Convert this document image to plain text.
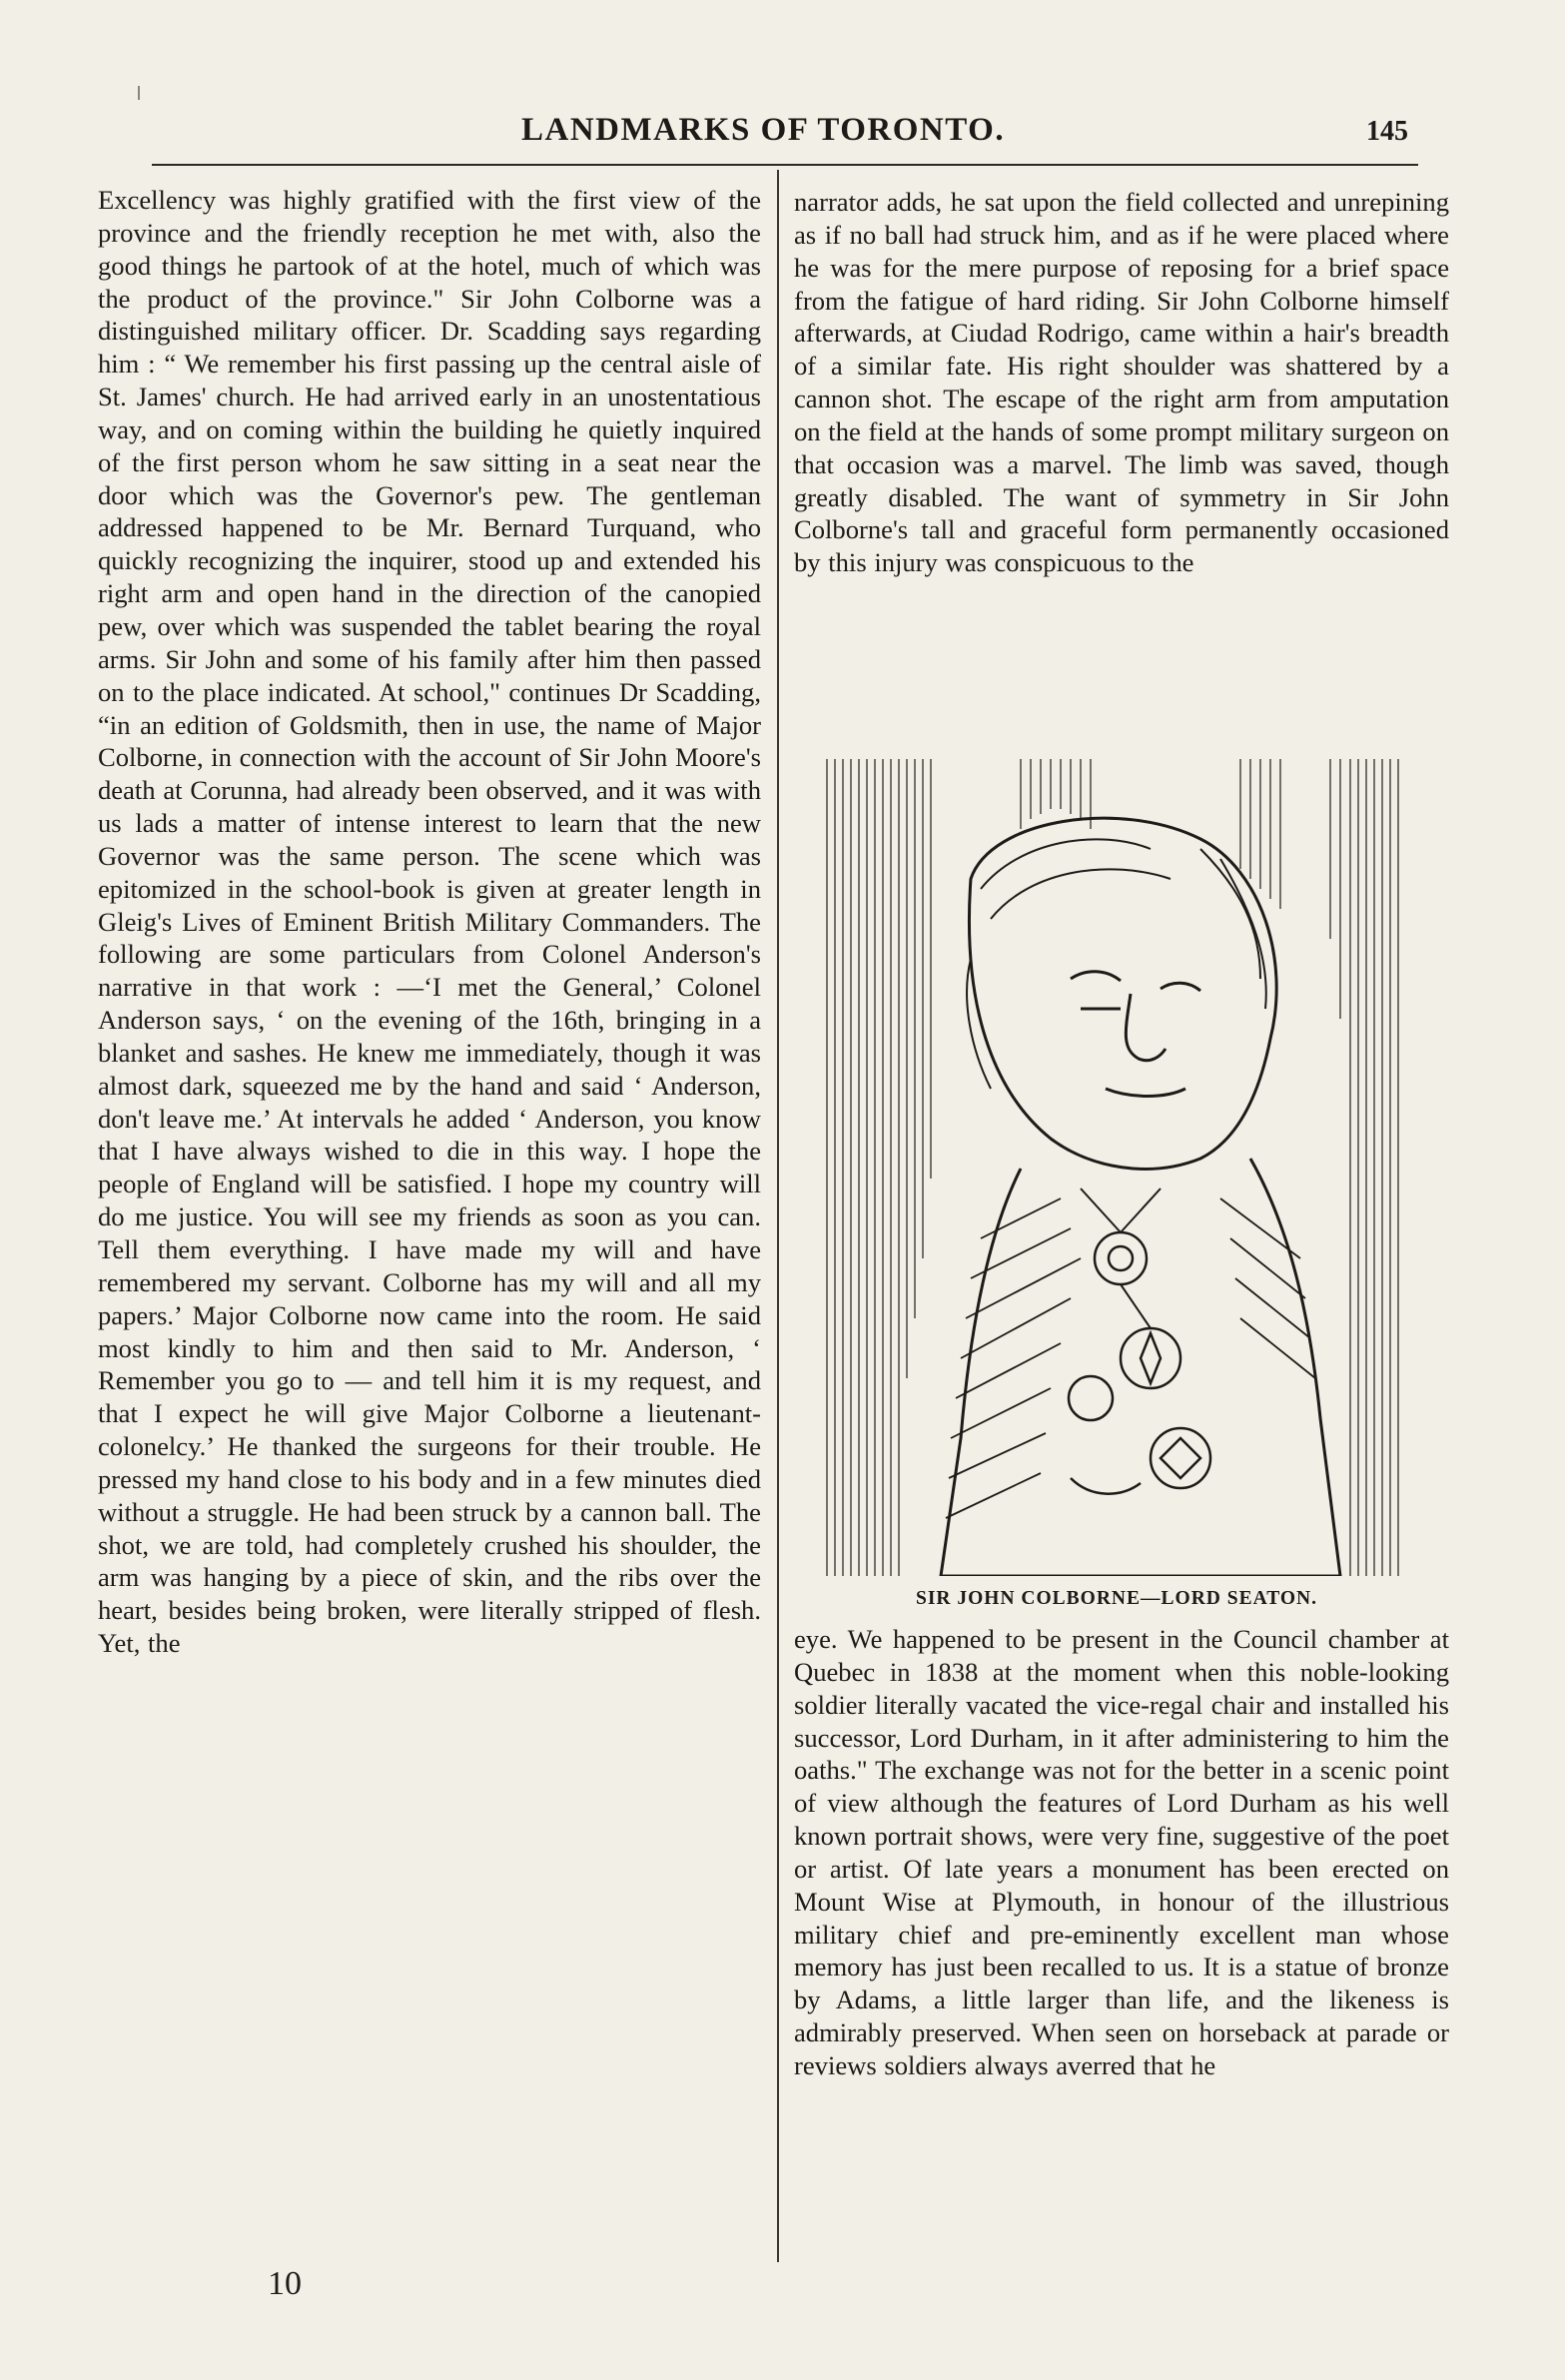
LANDMARKS OF TORONTO.	145

Excellency was highly gratified with the first view of the province and the friendly reception he met with, also the good things he partook of at the hotel, much of which was the product of the province." Sir John Colborne was a distinguished military officer. Dr. Scadding says regarding him : “ We remember his first passing up the central aisle of St. James' church. He had arrived early in an unostentatious way, and on coming within the building he quietly inquired of the first person whom he saw sitting in a seat near the door which was the Governor's pew. The gentleman addressed happened to be Mr. Bernard Turquand, who quickly recognizing the inquirer, stood up and extended his right arm and open hand in the direction of the canopied pew, over which was suspended the tablet bearing the royal arms. Sir John and some of his family after him then passed on to the place indicated. At school," continues Dr Scadding, “in an edition of Goldsmith, then in use, the name of Major Colborne, in connection with the account of Sir John Moore's death at Corunna, had already been observed, and it was with us lads a matter of intense interest to learn that the new Governor was the same person. The scene which was epitomized in the school-book is given at greater length in Gleig's Lives of Eminent British Military Commanders. The following are some particulars from Colonel Anderson's narrative in that work : —‘I met the General,’ Colonel Anderson says, ‘ on the evening of the 16th, bringing in a blanket and sashes. He knew me immediately, though it was almost dark, squeezed me by the hand and said ‘ Anderson, don't leave me.’ At intervals he added ‘ Anderson, you know that I have always wished to die in this way. I hope the people of England will be satisfied. I hope my country will do me justice. You will see my friends as soon as you can. Tell them everything. I have made my will and have remembered my servant. Colborne has my will and all my papers.’ Major Colborne now came into the room. He said most kindly to him and then said to Mr. Anderson, ‘ Remember you go to — and tell him it is my request, and that I expect he will give Major Colborne a lieutenant-colonelcy.’ He thanked the surgeons for their trouble. He pressed my hand close to his body and in a few minutes died without a struggle. He had been struck by a cannon ball. The shot, we are told, had completely crushed his shoulder, the arm was hanging by a piece of skin, and the ribs over the heart, besides being broken, were literally stripped of flesh. Yet, the

narrator adds, he sat upon the field collected and unrepining as if no ball had struck him, and as if he were placed where he was for the mere purpose of reposing for a brief space from the fatigue of hard riding. Sir John Colborne himself afterwards, at Ciudad Rodrigo, came within a hair's breadth of a similar fate. His right shoulder was shattered by a cannon shot. The escape of the right arm from amputation on the field at the hands of some prompt military surgeon on that occasion was a marvel. The limb was saved, though greatly disabled. The want of symmetry in Sir John Colborne's tall and graceful form permanently occasioned by this injury was conspicuous to the

SIR JOHN COLBORNE—LORD SEATON.

eye. We happened to be present in the Council chamber at Quebec in 1838 at the moment when this noble-looking soldier literally vacated the vice-regal chair and installed his successor, Lord Durham, in it after administering to him the oaths." The exchange was not for the better in a scenic point of view although the features of Lord Durham as his well known portrait shows, were very fine, suggestive of the poet or artist. Of late years a monument has been erected on Mount Wise at Plymouth, in honour of the illustrious military chief and pre-eminently excellent man whose memory has just been recalled to us. It is a statue of bronze by Adams, a little larger than life, and the likeness is admirably preserved. When seen on horseback at parade or reviews soldiers always averred that he

10
